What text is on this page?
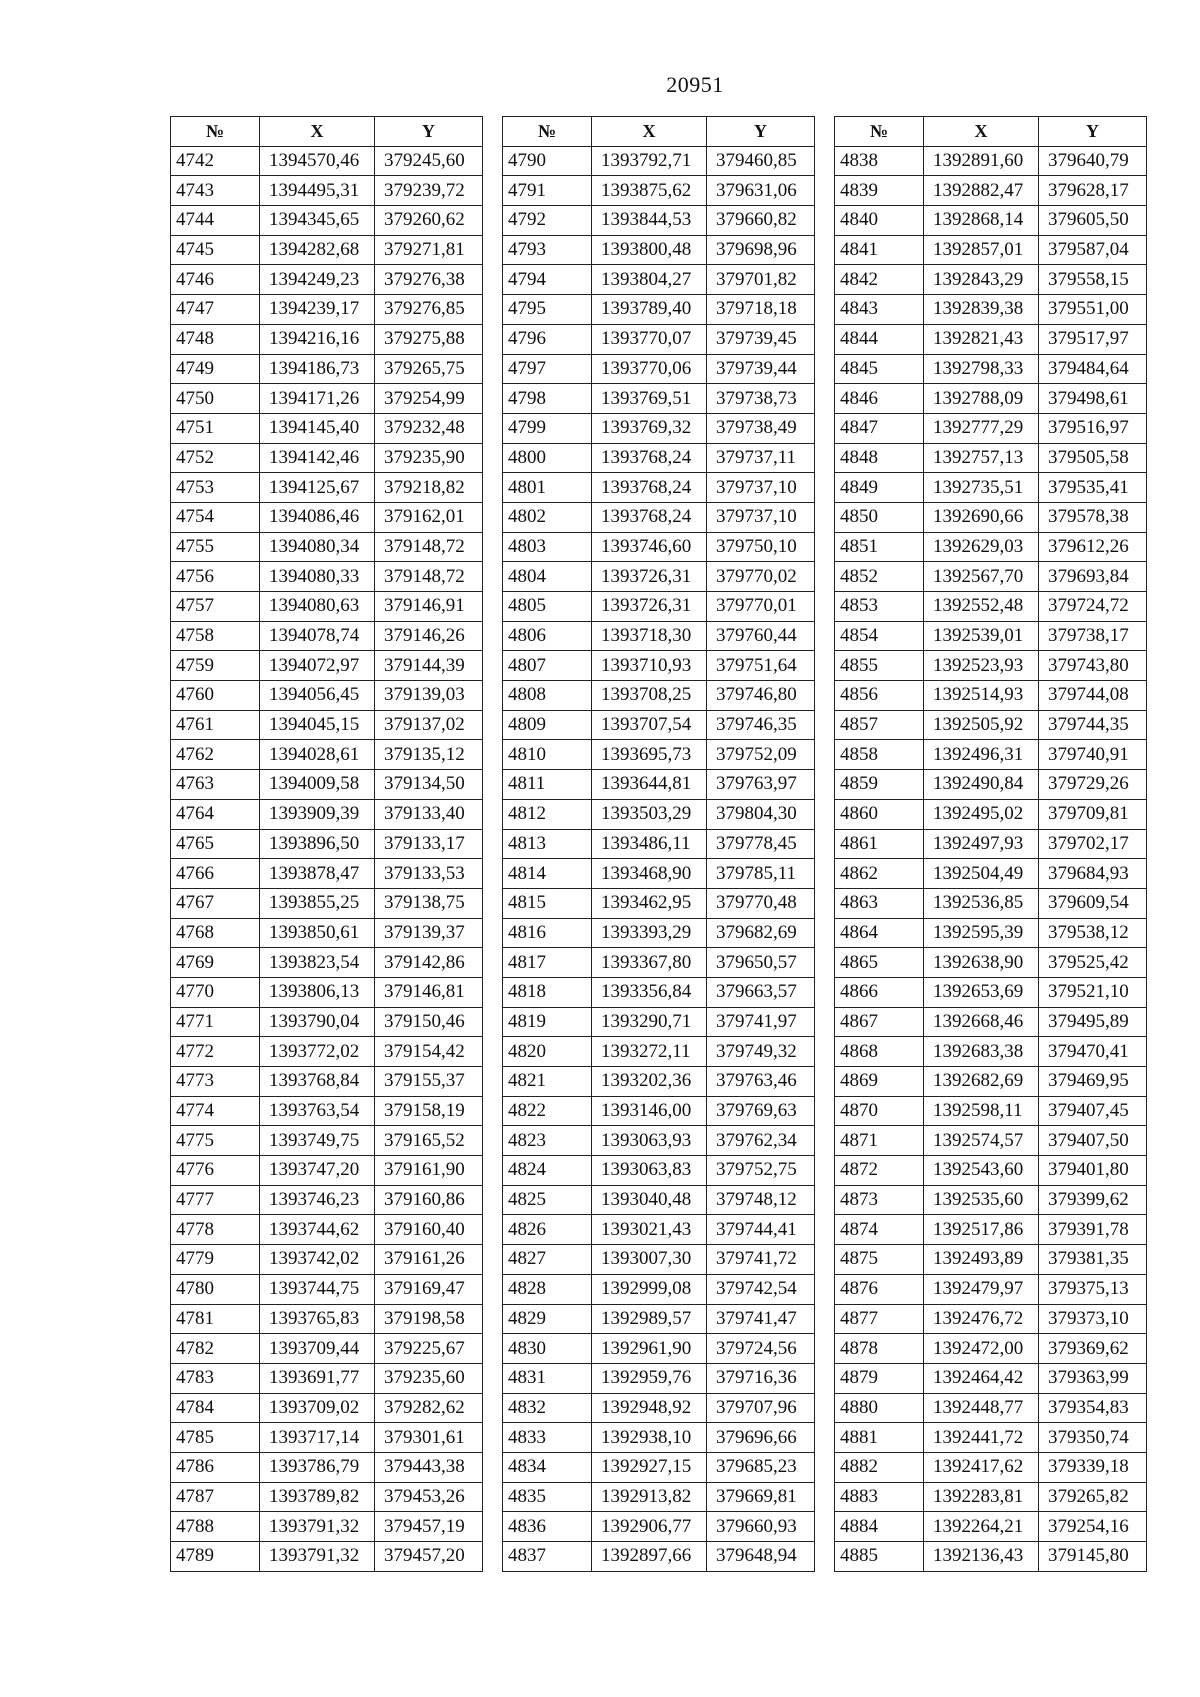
20951
№	X	Y
4742	1394570,46	379245,60
4743	1394495,31	379239,72
4744	1394345,65	379260,62
4745	1394282,68	379271,81
4746	1394249,23	379276,38
4747	1394239,17	379276,85
4748	1394216,16	379275,88
4749	1394186,73	379265,75
4750	1394171,26	379254,99
4751	1394145,40	379232,48
4752	1394142,46	379235,90
4753	1394125,67	379218,82
4754	1394086,46	379162,01
4755	1394080,34	379148,72
4756	1394080,33	379148,72
4757	1394080,63	379146,91
4758	1394078,74	379146,26
4759	1394072,97	379144,39
4760	1394056,45	379139,03
4761	1394045,15	379137,02
4762	1394028,61	379135,12
4763	1394009,58	379134,50
4764	1393909,39	379133,40
4765	1393896,50	379133,17
4766	1393878,47	379133,53
4767	1393855,25	379138,75
4768	1393850,61	379139,37
4769	1393823,54	379142,86
4770	1393806,13	379146,81
4771	1393790,04	379150,46
4772	1393772,02	379154,42
4773	1393768,84	379155,37
4774	1393763,54	379158,19
4775	1393749,75	379165,52
4776	1393747,20	379161,90
4777	1393746,23	379160,86
4778	1393744,62	379160,40
4779	1393742,02	379161,26
4780	1393744,75	379169,47
4781	1393765,83	379198,58
4782	1393709,44	379225,67
4783	1393691,77	379235,60
4784	1393709,02	379282,62
4785	1393717,14	379301,61
4786	1393786,79	379443,38
4787	1393789,82	379453,26
4788	1393791,32	379457,19
4789	1393791,32	379457,20
№	X	Y
4790	1393792,71	379460,85
4791	1393875,62	379631,06
4792	1393844,53	379660,82
4793	1393800,48	379698,96
4794	1393804,27	379701,82
4795	1393789,40	379718,18
4796	1393770,07	379739,45
4797	1393770,06	379739,44
4798	1393769,51	379738,73
4799	1393769,32	379738,49
4800	1393768,24	379737,11
4801	1393768,24	379737,10
4802	1393768,24	379737,10
4803	1393746,60	379750,10
4804	1393726,31	379770,02
4805	1393726,31	379770,01
4806	1393718,30	379760,44
4807	1393710,93	379751,64
4808	1393708,25	379746,80
4809	1393707,54	379746,35
4810	1393695,73	379752,09
4811	1393644,81	379763,97
4812	1393503,29	379804,30
4813	1393486,11	379778,45
4814	1393468,90	379785,11
4815	1393462,95	379770,48
4816	1393393,29	379682,69
4817	1393367,80	379650,57
4818	1393356,84	379663,57
4819	1393290,71	379741,97
4820	1393272,11	379749,32
4821	1393202,36	379763,46
4822	1393146,00	379769,63
4823	1393063,93	379762,34
4824	1393063,83	379752,75
4825	1393040,48	379748,12
4826	1393021,43	379744,41
4827	1393007,30	379741,72
4828	1392999,08	379742,54
4829	1392989,57	379741,47
4830	1392961,90	379724,56
4831	1392959,76	379716,36
4832	1392948,92	379707,96
4833	1392938,10	379696,66
4834	1392927,15	379685,23
4835	1392913,82	379669,81
4836	1392906,77	379660,93
4837	1392897,66	379648,94
№	X	Y
4838	1392891,60	379640,79
4839	1392882,47	379628,17
4840	1392868,14	379605,50
4841	1392857,01	379587,04
4842	1392843,29	379558,15
4843	1392839,38	379551,00
4844	1392821,43	379517,97
4845	1392798,33	379484,64
4846	1392788,09	379498,61
4847	1392777,29	379516,97
4848	1392757,13	379505,58
4849	1392735,51	379535,41
4850	1392690,66	379578,38
4851	1392629,03	379612,26
4852	1392567,70	379693,84
4853	1392552,48	379724,72
4854	1392539,01	379738,17
4855	1392523,93	379743,80
4856	1392514,93	379744,08
4857	1392505,92	379744,35
4858	1392496,31	379740,91
4859	1392490,84	379729,26
4860	1392495,02	379709,81
4861	1392497,93	379702,17
4862	1392504,49	379684,93
4863	1392536,85	379609,54
4864	1392595,39	379538,12
4865	1392638,90	379525,42
4866	1392653,69	379521,10
4867	1392668,46	379495,89
4868	1392683,38	379470,41
4869	1392682,69	379469,95
4870	1392598,11	379407,45
4871	1392574,57	379407,50
4872	1392543,60	379401,80
4873	1392535,60	379399,62
4874	1392517,86	379391,78
4875	1392493,89	379381,35
4876	1392479,97	379375,13
4877	1392476,72	379373,10
4878	1392472,00	379369,62
4879	1392464,42	379363,99
4880	1392448,77	379354,83
4881	1392441,72	379350,74
4882	1392417,62	379339,18
4883	1392283,81	379265,82
4884	1392264,21	379254,16
4885	1392136,43	379145,80
